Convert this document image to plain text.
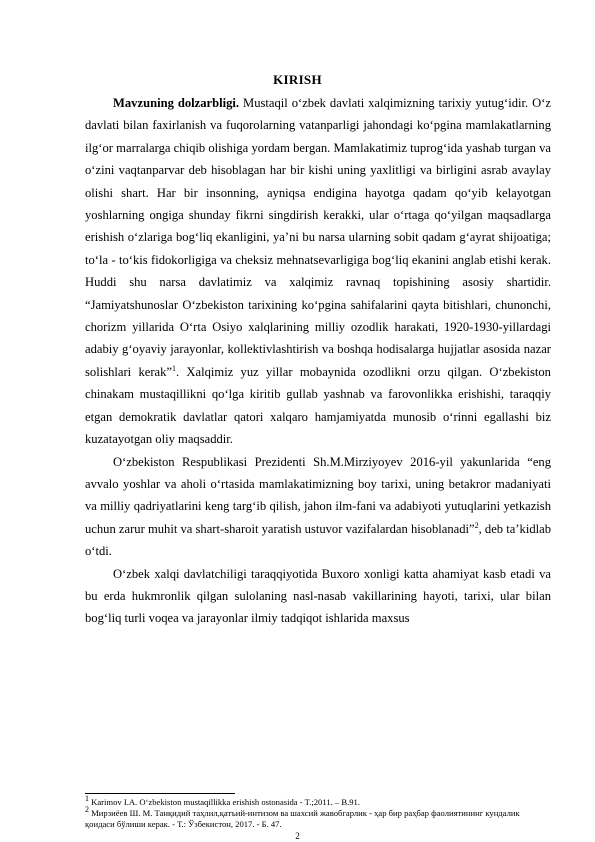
KIRISH

Mavzuning dolzarbligi. Mustaqil o‘zbek davlati xalqimizning tarixiy yutug‘idir. O‘z davlati bilan faxirlanish va fuqorolarning vatanparligi jahondagi ko‘pgina mamlakatlarning ilg‘or marralarga chiqib olishiga yordam bergan. Mamlakatimiz tuprog‘ida yashab turgan va o‘zini vaqtanparvar deb hisoblagan har bir kishi uning yaxlitligi va birligini asrab avaylay olishi shart. Har bir insonning, ayniqsa endigina hayotga qadam qo‘yib kelayotgan yoshlarning ongiga shunday fikrni singdirish kerakki, ular o‘rtaga qo‘yilgan maqsadlarga erishish o‘zlariga bog‘liq ekanligini, ya’ni bu narsa ularning sobit qadam g‘ayrat shijoatiga; to‘la - to‘kis fidokorligiga va cheksiz mehnatsevarligiga bog‘liq ekanini anglab etishi kerak. Huddi shu narsa davlatimiz va xalqimiz ravnaq topishining asosiy shartidir. “Jamiyatshunoslar O‘zbekiston tarixining ko‘pgina sahifalarini qayta bitishlari, chunonchi, chorizm yillarida O‘rta Osiyo xalqlarining milliy ozodlik harakati, 1920-1930-yillardagi adabiy g‘oyaviy jarayonlar, kollektivlashtirish va boshqa hodisalarga hujjatlar asosida nazar solishlari kerak”$^1$. Xalqimiz yuz yillar mobaynida ozodlikni orzu qilgan. O‘zbekiston chinakam mustaqillikni qo‘lga kiritib gullab yashnab va farovonlikka erishishi, taraqqiy etgan demokratik davlatlar qatori xalqaro hamjamiyatda munosib o‘rinni egallashi biz kuzatayotgan oliy maqsaddir.

O‘zbekiston Respublikasi Prezidenti Sh.M.Mirziyoyev 2016-yil yakunlarida “eng avvalo yoshlar va aholi o‘rtasida mamlakatimizning boy tarixi, uning betakror madaniyati va milliy qadriyatlarini keng targ‘ib qilish, jahon ilm-fani va adabiyoti yutuqlarini yetkazish uchun zarur muhit va shart-sharoit yaratish ustuvor vazifalardan hisoblanadi”$^2$, deb ta’kidlab o‘tdi.

O‘zbek xalqi davlatchiligi taraqqiyotida Buxoro xonligi katta ahamiyat kasb etadi va bu erda hukmronlik qilgan sulolaning nasl-nasab vakillarining hayoti, tarixi, ular bilan bog‘liq turli voqea va jarayonlar ilmiy tadqiqot ishlarida maxsus

$^1$ Karimov I.A. O‘zbekiston mustaqillikka erishish ostonasida - T.;2011. – B.91.
$^2$ Мирзиёев Ш. М. Танқидий таҳлил,қатъий-интизом ва шахсий жавобгарлик - ҳар бир раҳбар фаолиятининг кундалик қоидаси бўлиши керак. - Т.: Ўзбекистон, 2017. - Б. 47.
2
